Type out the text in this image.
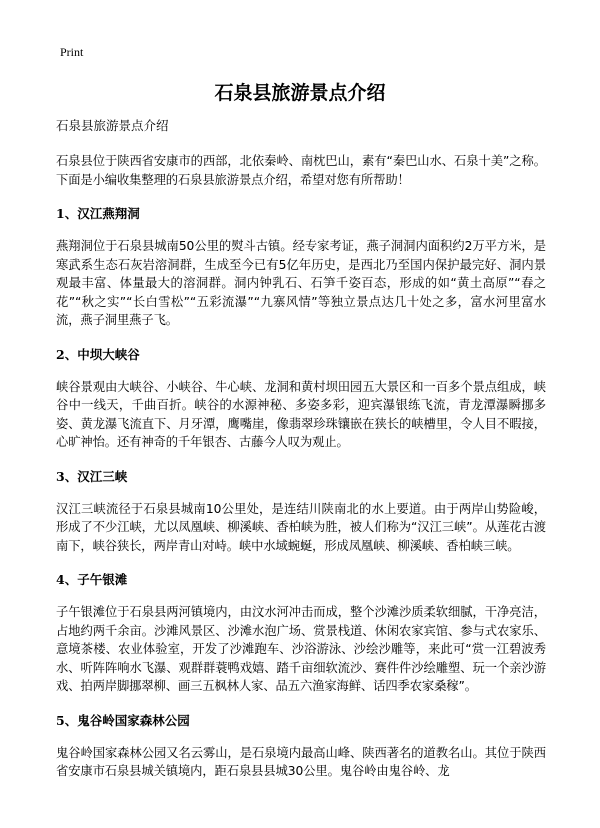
Print
石泉县旅游景点介绍

石泉县旅游景点介绍

石泉县位于陕西省安康市的西部，北依秦岭、南枕巴山，素有“秦巴山水、石泉十美”之称。下面是小编收集整理的石泉县旅游景点介绍，希望对您有所帮助！

1、汉江燕翔洞

燕翔洞位于石泉县城南50公里的熨斗古镇。经专家考证，燕子洞洞内面积约2万平方米，是寒武系生态石灰岩溶洞群，生成至今已有5亿年历史，是西北乃至国内保护最完好、洞内景观最丰富、体量最大的溶洞群。洞内钟乳石、石笋千姿百态，形成的如“黄土高原”“春之花”“秋之实”“长白雪松”“五彩流瀑”“九寨风情”等独立景点达几十处之多，富水河里富水流，燕子洞里燕子飞。

2、中坝大峡谷

峡谷景观由大峡谷、小峡谷、牛心峡、龙洞和黄村坝田园五大景区和一百多个景点组成，峡谷中一线天，千曲百折。峡谷的水源神秘、多姿多彩，迎宾瀑银练飞流，青龙潭瀑瞬挪多姿、黄龙瀑飞流直下、月牙潭，鹰嘴崖，像翡翠珍珠镶嵌在狭长的峡槽里，令人目不暇接，心旷神怡。还有神奇的千年银杏、古藤今人叹为观止。

3、汉江三峡

汉江三峡流径于石泉县城南10公里处，是连结川陕南北的水上要道。由于两岸山势险峻，形成了不少江峡，尤以凤凰峡、柳溪峡、香柏峡为胜，被人们称为“汉江三峡”。从莲花古渡南下，峡谷狭长，两岸青山对峙。峡中水域蜿蜒，形成凤凰峡、柳溪峡、香柏峡三峡。

4、子午银滩

子午银滩位于石泉县两河镇境内，由汶水河冲击而成，整个沙滩沙质柔软细腻，干净亮洁，占地约两千余亩。沙滩风景区、沙滩水泡广场、赏景栈道、休闲农家宾馆、参与式农家乐、意境茶楼、农业体验室，开发了沙滩跑车、沙浴游泳、沙绘沙雕等，来此可“赏一江碧波秀水、听阵阵响水飞瀑、观群群蓑鸭戏嬉、踏千亩细软流沙、赛件件沙绘雕塑、玩一个亲沙游戏、拍两岸脚挪翠柳、画三五枫林人家、品五六渔家海鲜、话四季农家桑稼”。

5、鬼谷岭国家森林公园

鬼谷岭国家森林公园又名云雾山，是石泉境内最高山峰、陕西著名的道教名山。其位于陕西省安康市石泉县城关镇境内，距石泉县县城30公里。鬼谷岭由鬼谷岭、龙
